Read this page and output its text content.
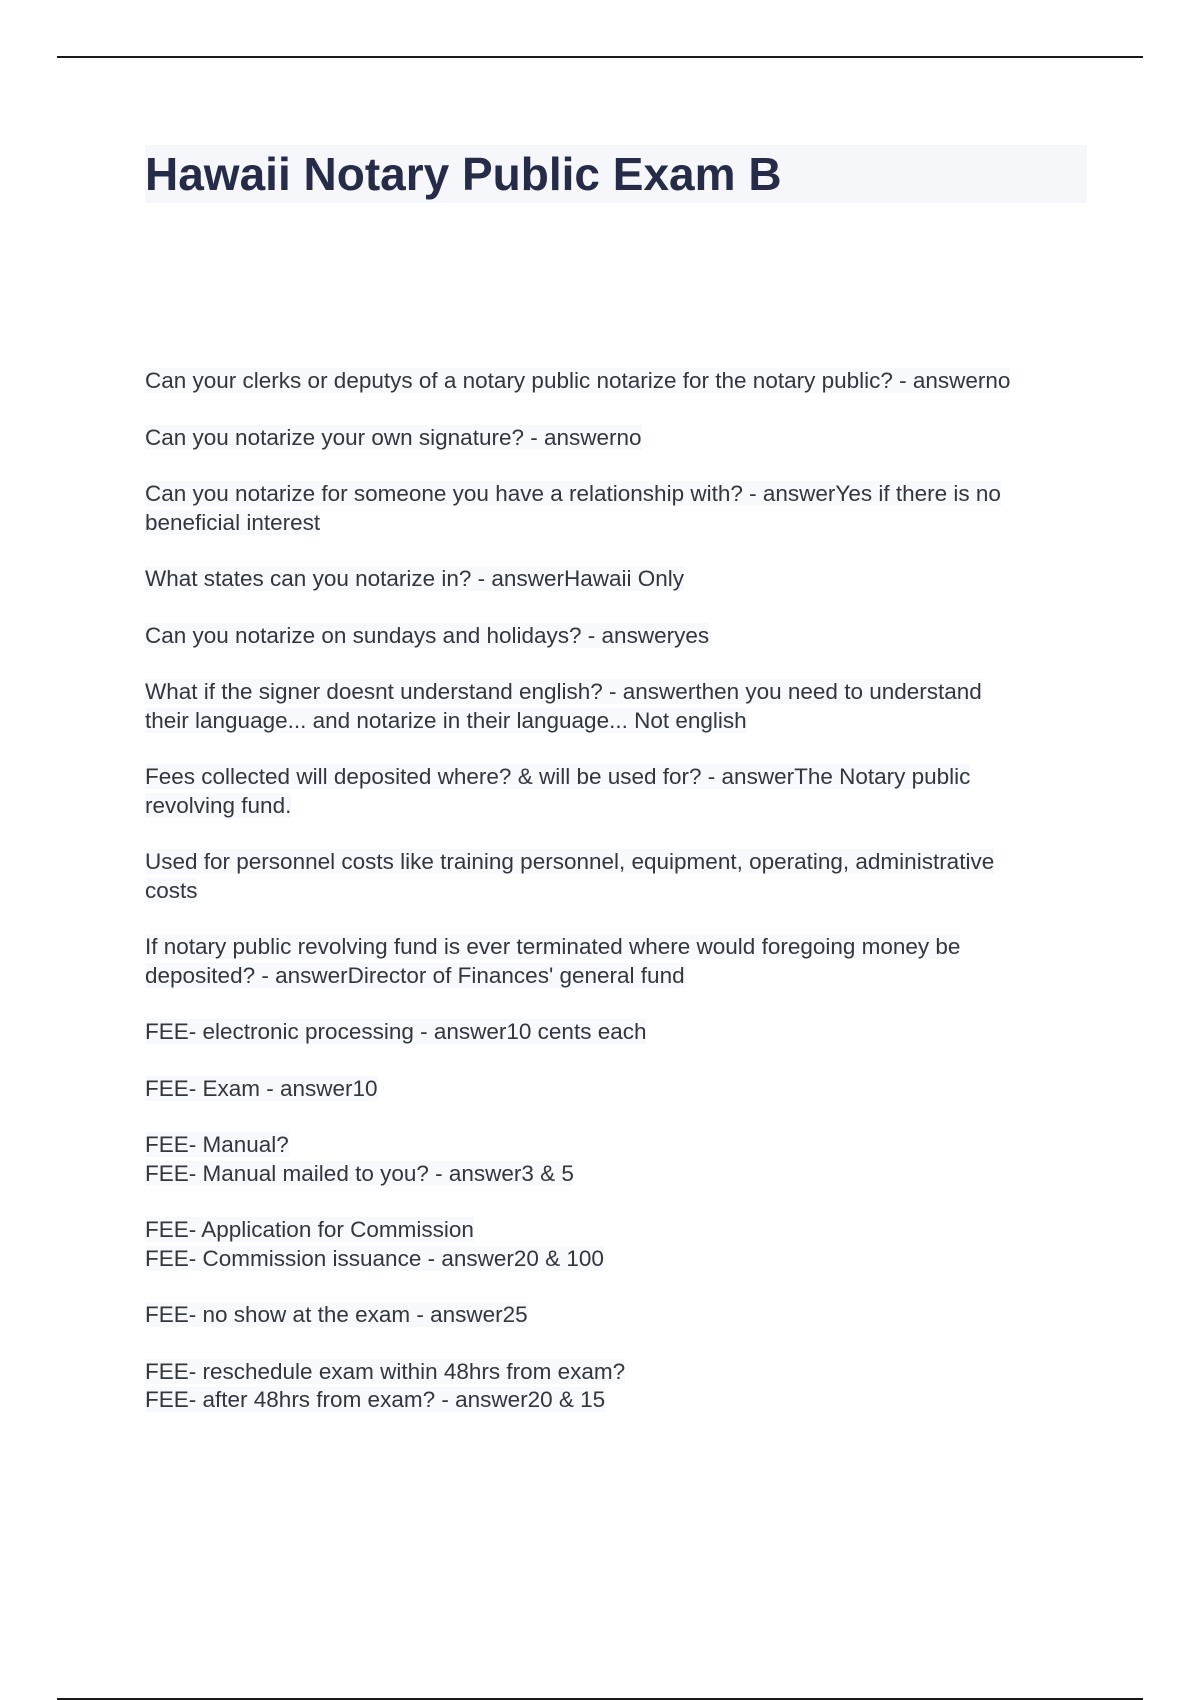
Hawaii Notary Public Exam B
Can your clerks or deputys of a notary public notarize for the notary public? - answerno
Can you notarize your own signature? - answerno
Can you notarize for someone you have a relationship with? - answerYes if there is no
beneficial interest
What states can you notarize in? - answerHawaii Only
Can you notarize on sundays and holidays? - answeryes
What if the signer doesnt understand english? - answerthen you need to understand
their language... and notarize in their language... Not english
Fees collected will deposited where? & will be used for? - answerThe Notary public
revolving fund.
Used for personnel costs like training personnel, equipment, operating, administrative
costs
If notary public revolving fund is ever terminated where would foregoing money be
deposited? - answerDirector of Finances' general fund
FEE- electronic processing - answer10 cents each
FEE- Exam - answer10
FEE- Manual?
FEE- Manual mailed to you? - answer3 & 5
FEE- Application for Commission
FEE- Commission issuance - answer20 & 100
FEE- no show at the exam - answer25
FEE- reschedule exam within 48hrs from exam?
FEE- after 48hrs from exam? - answer20 & 15
